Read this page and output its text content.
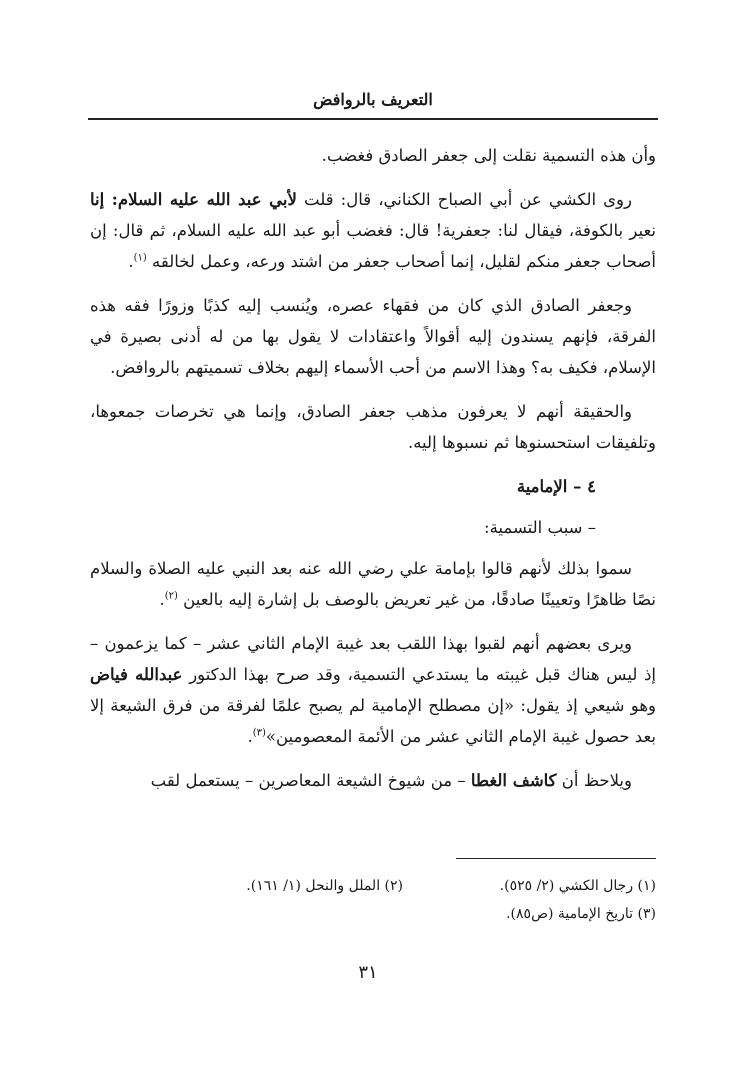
التعريف بالروافض

وأن هذه التسمية نقلت إلى جعفر الصادق فغضب.

روى الكشي عن أبي الصباح الكناني، قال: قلت لأبي عبد الله عليه السلام: إنا نعير بالكوفة، فيقال لنا: جعفرية! قال: فغضب أبو عبد الله عليه السلام، ثم قال: إن أصحاب جعفر منكم لقليل، إنما أصحاب جعفر من اشتد ورعه، وعمل لخالقه $^{(١)}$.

وجعفر الصادق الذي كان من فقهاء عصره، ويُنسب إليه كذبًا وزورًا فقه هذه الفرقة، فإنهم يسندون إليه أقوالاً واعتقادات لا يقول بها من له أدنى بصيرة في الإسلام، فكيف به؟ وهذا الاسم من أحب الأسماء إليهم بخلاف تسميتهم بالروافض.

والحقيقة أنهم لا يعرفون مذهب جعفر الصادق، وإنما هي تخرصات جمعوها، وتلفيقات استحسنوها ثم نسبوها إليه.

٤ – الإمامية
– سبب التسمية:

سموا بذلك لأنهم قالوا بإمامة علي رضي الله عنه بعد النبي عليه الصلاة والسلام نصًا ظاهرًا وتعيينًا صادقًا، من غير تعريض بالوصف بل إشارة إليه بالعين $^{(٢)}$.

ويرى بعضهم أنهم لقبوا بهذا اللقب بعد غيبة الإمام الثاني عشر – كما يزعمون – إذ ليس هناك قبل غيبته ما يستدعي التسمية، وقد صرح بهذا الدكتور عبدالله فياض وهو شيعي إذ يقول: «إن مصطلح الإمامية لم يصبح علمًا لفرقة من فرق الشيعة إلا بعد حصول غيبة الإمام الثاني عشر من الأئمة المعصومين»$^{(٣)}$.

ويلاحظ أن كاشف الغطا – من شيوخ الشيعة المعاصرين – يستعمل لقب

(١) رجال الكشي (٢/ ٥٢٥).
(٢) الملل والنحل (١/ ١٦١).
(٣) تاريخ الإمامية (ص٨٥).
٣١
